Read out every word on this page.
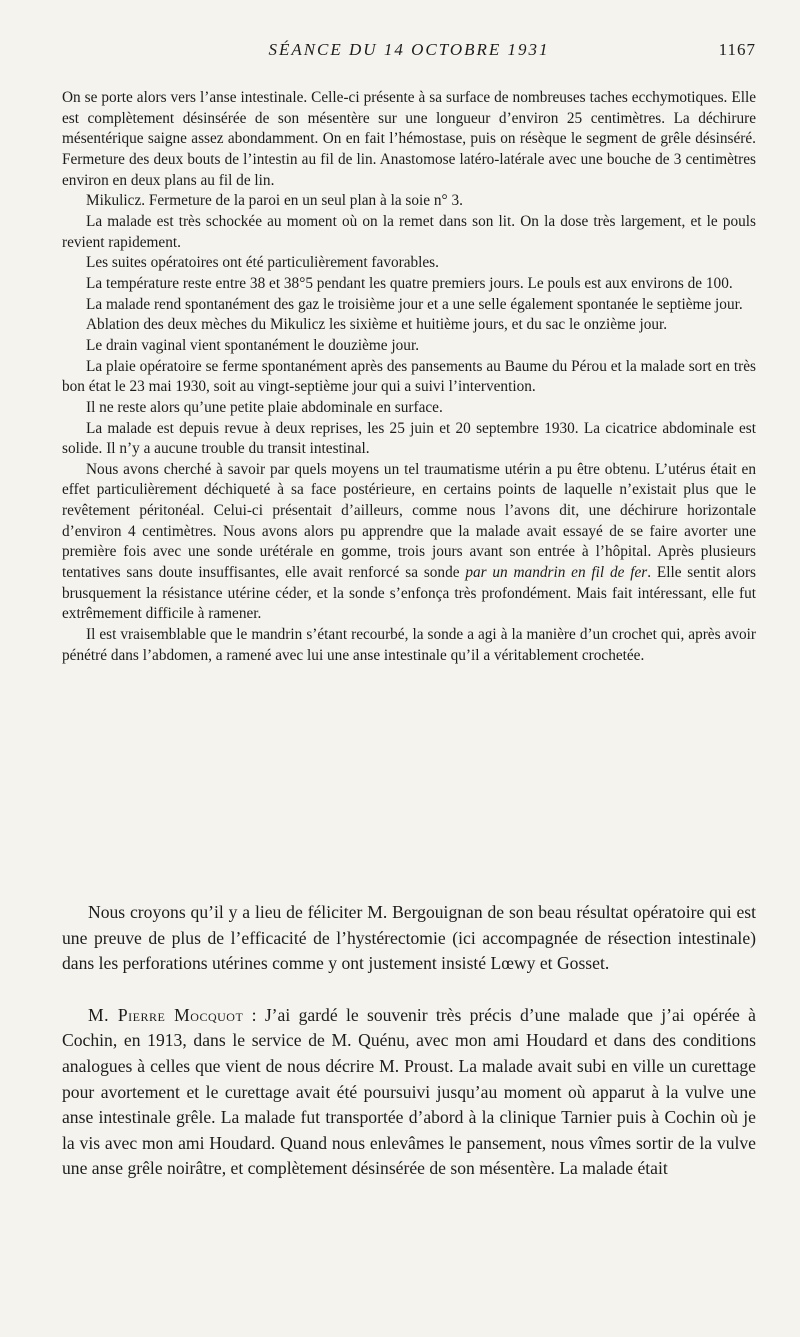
SÉANCE DU 14 OCTOBRE 1931	1167

On se porte alors vers l’anse intestinale. Celle-ci présente à sa surface de nombreuses taches ecchymotiques. Elle est complètement désinsérée de son mésentère sur une longueur d’environ 25 centimètres. La déchirure mésentérique saigne assez abondamment. On en fait l’hémostase, puis on résèque le segment de grêle désinséré. Fermeture des deux bouts de l’intestin au fil de lin. Anastomose latéro-latérale avec une bouche de 3 centimètres environ en deux plans au fil de lin.

Mikulicz. Fermeture de la paroi en un seul plan à la soie n° 3.

La malade est très schockée au moment où on la remet dans son lit. On la dose très largement, et le pouls revient rapidement.

Les suites opératoires ont été particulièrement favorables.

La température reste entre 38 et 38°5 pendant les quatre premiers jours. Le pouls est aux environs de 100.

La malade rend spontanément des gaz le troisième jour et a une selle également spontanée le septième jour.

Ablation des deux mèches du Mikulicz les sixième et huitième jours, et du sac le onzième jour.

Le drain vaginal vient spontanément le douzième jour.

La plaie opératoire se ferme spontanément après des pansements au Baume du Pérou et la malade sort en très bon état le 23 mai 1930, soit au vingt-septième jour qui a suivi l’intervention.

Il ne reste alors qu’une petite plaie abdominale en surface.

La malade est depuis revue à deux reprises, les 25 juin et 20 septembre 1930. La cicatrice abdominale est solide. Il n’y a aucune trouble du transit intestinal.

Nous avons cherché à savoir par quels moyens un tel traumatisme utérin a pu être obtenu. L’utérus était en effet particulièrement déchiqueté à sa face postérieure, en certains points de laquelle n’existait plus que le revêtement péritonéal. Celui-ci présentait d’ailleurs, comme nous l’avons dit, une déchirure horizontale d’environ 4 centimètres. Nous avons alors pu apprendre que la malade avait essayé de se faire avorter une première fois avec une sonde urétérale en gomme, trois jours avant son entrée à l’hôpital. Après plusieurs tentatives sans doute insuffisantes, elle avait renforcé sa sonde par un mandrin en fil de fer. Elle sentit alors brusquement la résistance utérine céder, et la sonde s’enfonça très profondément. Mais fait intéressant, elle fut extrêmement difficile à ramener.

Il est vraisemblable que le mandrin s’étant recourbé, la sonde a agi à la manière d’un crochet qui, après avoir pénétré dans l’abdomen, a ramené avec lui une anse intestinale qu’il a véritablement crochetée.

Nous croyons qu’il y a lieu de féliciter M. Bergouignan de son beau résultat opératoire qui est une preuve de plus de l’efficacité de l’hystérectomie (ici accompagnée de résection intestinale) dans les perforations utérines comme y ont justement insisté Lœwy et Gosset.

M. Pierre Mocquot : J’ai gardé le souvenir très précis d’une malade que j’ai opérée à Cochin, en 1913, dans le service de M. Quénu, avec mon ami Houdard et dans des conditions analogues à celles que vient de nous décrire M. Proust. La malade avait subi en ville un curettage pour avortement et le curettage avait été poursuivi jusqu’au moment où apparut à la vulve une anse intestinale grêle. La malade fut transportée d’abord à la clinique Tarnier puis à Cochin où je la vis avec mon ami Houdard. Quand nous enlevâmes le pansement, nous vîmes sortir de la vulve une anse grêle noirâtre, et complètement désinsérée de son mésentère. La malade était
